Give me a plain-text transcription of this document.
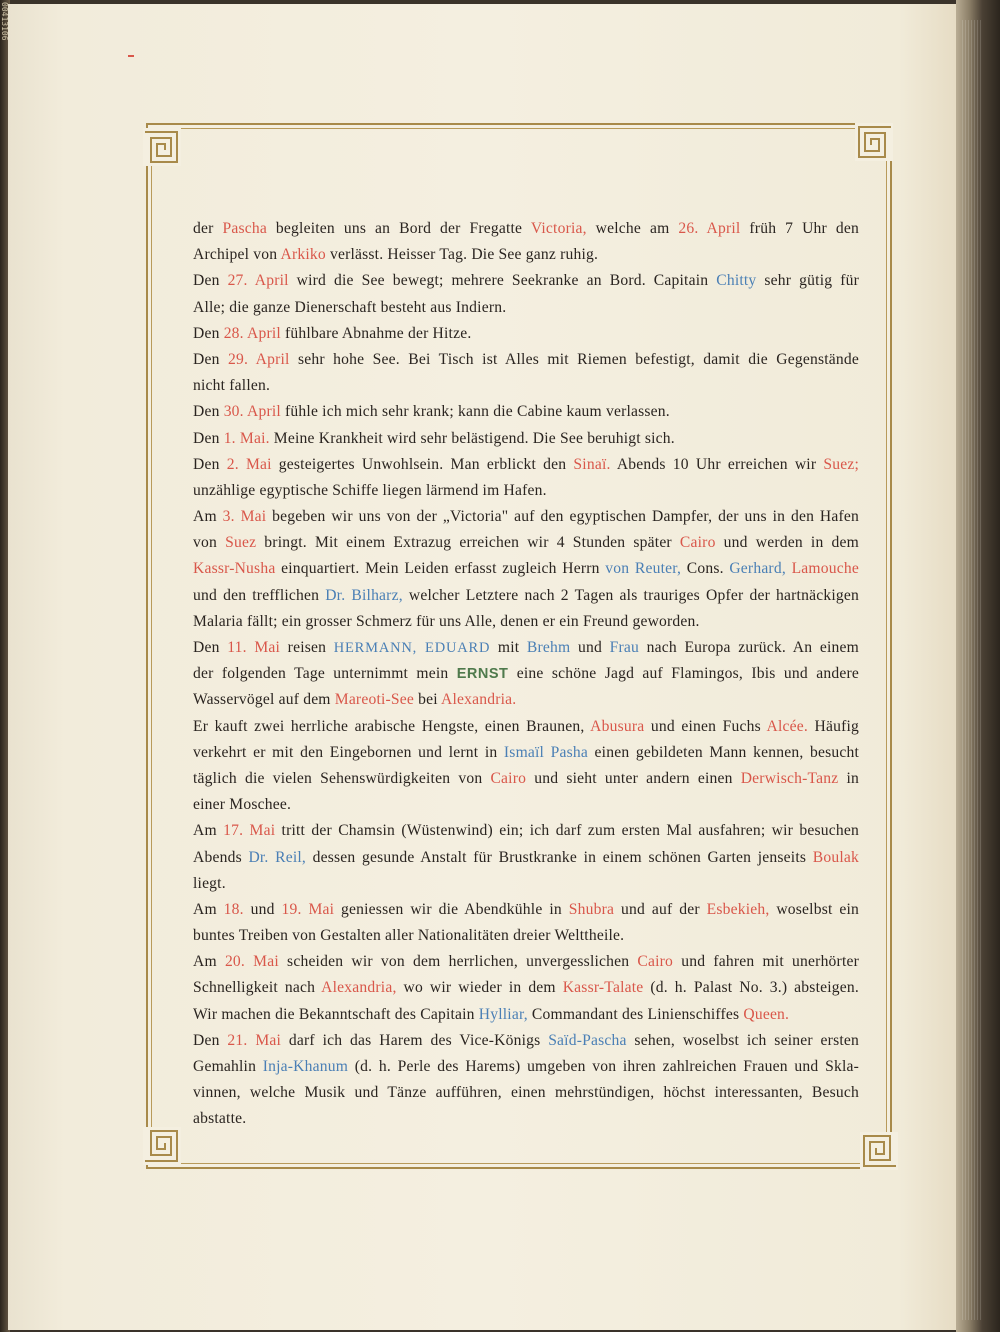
00413106
der Pascha begleiten uns an Bord der Fregatte Victoria, welche am 26. April früh 7 Uhr den
Archipel von Arkiko verlässt. Heisser Tag. Die See ganz ruhig.
Den 27. April wird die See bewegt; mehrere Seekranke an Bord. Capitain Chitty sehr gütig für
Alle; die ganze Dienerschaft besteht aus Indiern.
Den 28. April fühlbare Abnahme der Hitze.
Den 29. April sehr hohe See. Bei Tisch ist Alles mit Riemen befestigt, damit die Gegenstände
nicht fallen.
Den 30. April fühle ich mich sehr krank; kann die Cabine kaum verlassen.
Den 1. Mai. Meine Krankheit wird sehr belästigend. Die See beruhigt sich.
Den 2. Mai gesteigertes Unwohlsein. Man erblickt den Sinaï. Abends 10 Uhr erreichen wir Suez;
unzählige egyptische Schiffe liegen lärmend im Hafen.
Am 3. Mai begeben wir uns von der „Victoria" auf den egyptischen Dampfer, der uns in den Hafen
von Suez bringt. Mit einem Extrazug erreichen wir 4 Stunden später Cairo und werden in dem
Kassr-Nusha einquartiert. Mein Leiden erfasst zugleich Herrn von Reuter, Cons. Gerhard, Lamouche
und den trefflichen Dr. Bilharz, welcher Letztere nach 2 Tagen als trauriges Opfer der hartnäckigen
Malaria fällt; ein grosser Schmerz für uns Alle, denen er ein Freund geworden.
Den 11. Mai reisen HERMANN, EDUARD mit Brehm und Frau nach Europa zurück. An einem
der folgenden Tage unternimmt mein ERNST eine schöne Jagd auf Flamingos, Ibis und andere
Wasservögel auf dem Mareoti-See bei Alexandria.
Er kauft zwei herrliche arabische Hengste, einen Braunen, Abusura und einen Fuchs Alcée. Häufig
verkehrt er mit den Eingebornen und lernt in Ismaïl Pasha einen gebildeten Mann kennen, besucht
täglich die vielen Sehenswürdigkeiten von Cairo und sieht unter andern einen Derwisch-Tanz in
einer Moschee.
Am 17. Mai tritt der Chamsin (Wüstenwind) ein; ich darf zum ersten Mal ausfahren; wir besuchen
Abends Dr. Reil, dessen gesunde Anstalt für Brustkranke in einem schönen Garten jenseits Boulak
liegt.
Am 18. und 19. Mai geniessen wir die Abendkühle in Shubra und auf der Esbekieh, woselbst ein
buntes Treiben von Gestalten aller Nationalitäten dreier Welttheile.
Am 20. Mai scheiden wir von dem herrlichen, unvergesslichen Cairo und fahren mit unerhörter
Schnelligkeit nach Alexandria, wo wir wieder in dem Kassr-Talate (d. h. Palast No. 3.) absteigen.
Wir machen die Bekanntschaft des Capitain Hylliar, Commandant des Linienschiffes Queen.
Den 21. Mai darf ich das Harem des Vice-Königs Saïd-Pascha sehen, woselbst ich seiner ersten
Gemahlin Inja-Khanum (d. h. Perle des Harems) umgeben von ihren zahlreichen Frauen und Skla-
vinnen, welche Musik und Tänze aufführen, einen mehrstündigen, höchst interessanten, Besuch
abstatte.
